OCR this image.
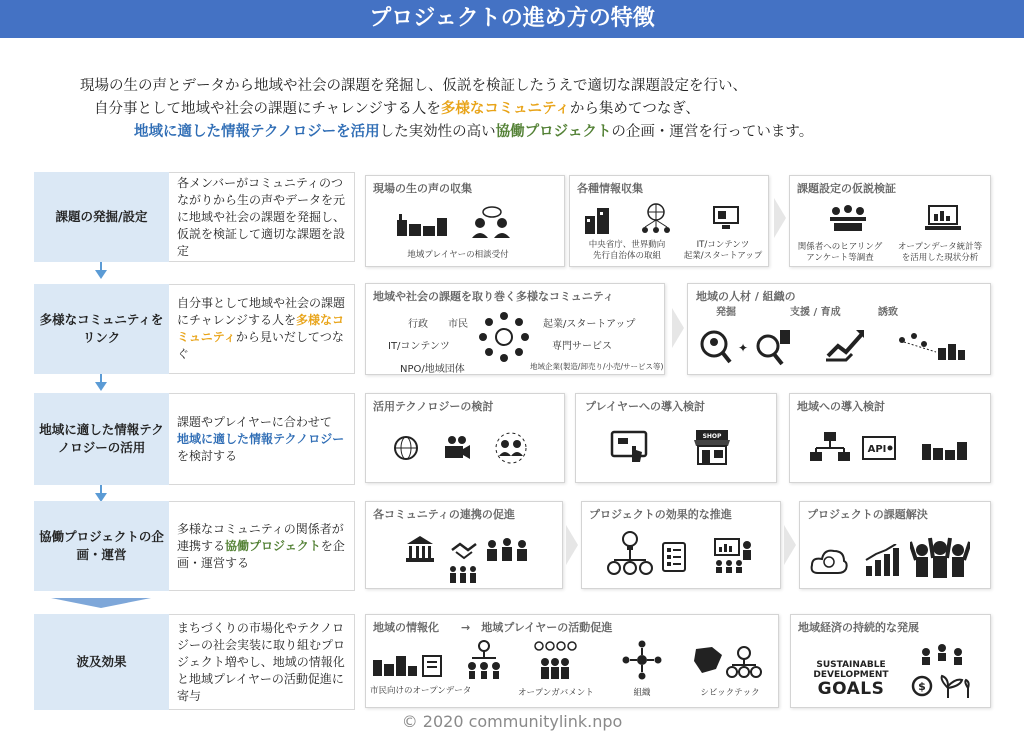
プロジェクトの進め方の特徴

現場の生の声とデータから地域や社会の課題を発掘し、仮説を検証したうえで適切な課題設定を行い、

自分事として地域や社会の課題にチャレンジする人を多様なコミュニティから集めてつなぎ、

地域に適した情報テクノロジーを活用した実効性の高い協働プロジェクトの企画・運営を行っています。

課題の発掘/設定
各メンバーがコミュニティのつながりから生の声やデータを元に地域や社会の課題を発掘し、仮説を検証して適切な課題を設定
現場の生の声の収集
地域プレイヤーの相談受付
各種情報収集
中央省庁、世界動向
先行自治体の取組
IT/コンテンツ
起業/スタートアップ
課題設定の仮説検証
関係者へのヒアリング
アンケート等調査
オープンデータ統計等
を活用した現状分析
多様なコミュニティをリンク
自分事として地域や社会の課題にチャレンジする人を多様なコミュニティから見いだしてつなぐ
地域や社会の課題を取り巻く多様なコミュニティ
行政 市民	起業/スタートアップ
IT/コンテンツ	専門サービス
NPO/地域団体	地域企業(製造/卸売り/小売/サービス等)
地域の人材 / 組織の
発掘	支援 / 育成	誘致
✦
地域に適した情報テクノロジーの活用
課題やプレイヤーに合わせて
地域に適した情報テクノロジーを検討する
活用テクノロジーの検討	プレイヤーへの導入検討
SHOP
地域への導入検討
API
協働プロジェクトの企画・運営
多様なコミュニティの関係者が連携する協働プロジェクトを企画・運営する
各コミュニティの連携の促進	プロジェクトの効果的な推進	プロジェクトの課題解決
波及効果
まちづくりの市場化やテクノロジーの社会実装に取り組むプロジェクト増やし、地域の情報化と地域プレイヤーの活動促進に寄与
地域の情報化　　→　地域プレイヤーの活動促進
市民向けのオープンデータ	オープンガバメント	組織	シビックテック
地域経済の持続的な発展
SUSTAINABLE
DEVELOPMENT
GOALS	$
© 2020 communitylink.npo
